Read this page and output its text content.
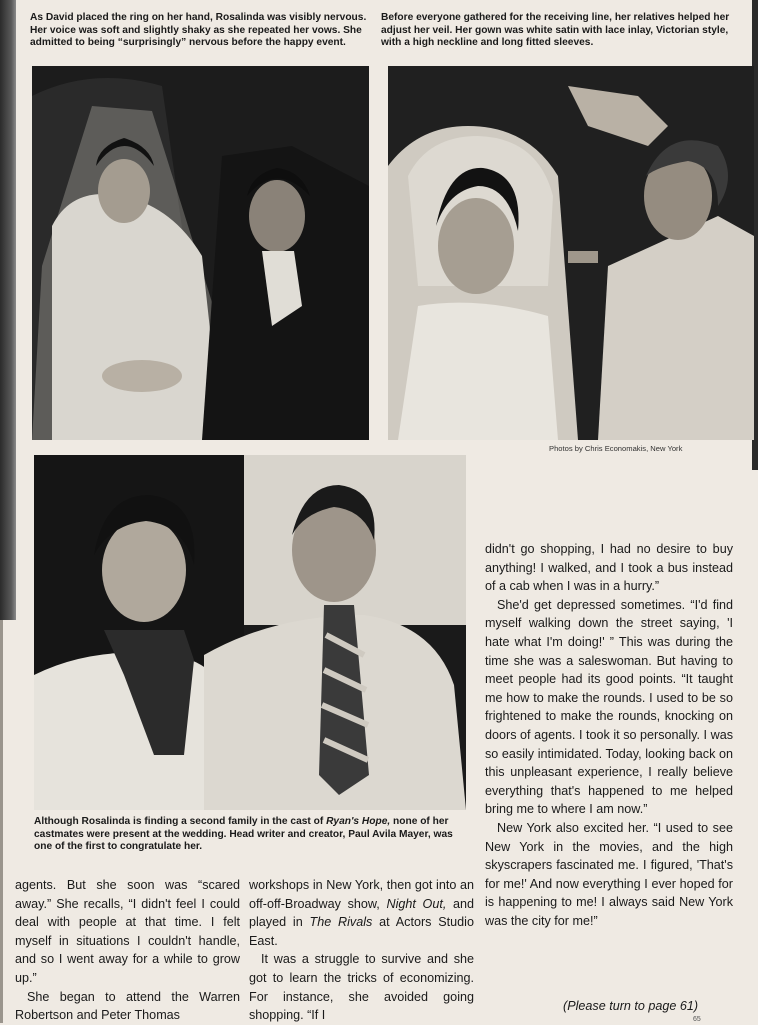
As David placed the ring on her hand, Rosalinda was visibly nervous. Her voice was soft and slightly shaky as she repeated her vows. She admitted to being “surprisingly” nervous before the happy event.
Before everyone gathered for the receiving line, her relatives helped her adjust her veil. Her gown was white satin with lace inlay, Victorian style, with a high neckline and long fitted sleeves.
Photos by Chris Economakis, New York
Although Rosalinda is finding a second family in the cast of Ryan's Hope, none of her castmates were present at the wedding. Head writer and creator, Paul Avila Mayer, was one of the first to congratulate her.

didn't go shopping, I had no desire to buy anything! I walked, and I took a bus instead of a cab when I was in a hurry.”

She'd get depressed sometimes. “I'd find myself walking down the street saying, 'I hate what I'm doing!' ” This was during the time she was a saleswoman. But having to meet people had its good points. “It taught me how to make the rounds. I used to be so frightened to make the rounds, knocking on doors of agents. I took it so personally. I was so easily intimidated. Today, looking back on this unpleasant experience, I really believe everything that's happened to me helped bring me to where I am now.”

New York also excited her. “I used to see New York in the movies, and the high skyscrapers fascinated me. I figured, 'That's for me!' And now everything I ever hoped for is happening to me! I always said New York was the city for me!”

agents. But she soon was “scared away.” She recalls, “I didn't feel I could deal with people at that time. I felt myself in situations I couldn't handle, and so I went away for a while to grow up.”

She began to attend the Warren Robertson and Peter Thomas

workshops in New York, then got into an off-off-Broadway show, Night Out, and played in The Rivals at Actors Studio East.

It was a struggle to survive and she got to learn the tricks of economizing. For instance, she avoided going shopping. “If I

(Please turn to page 61)
65
